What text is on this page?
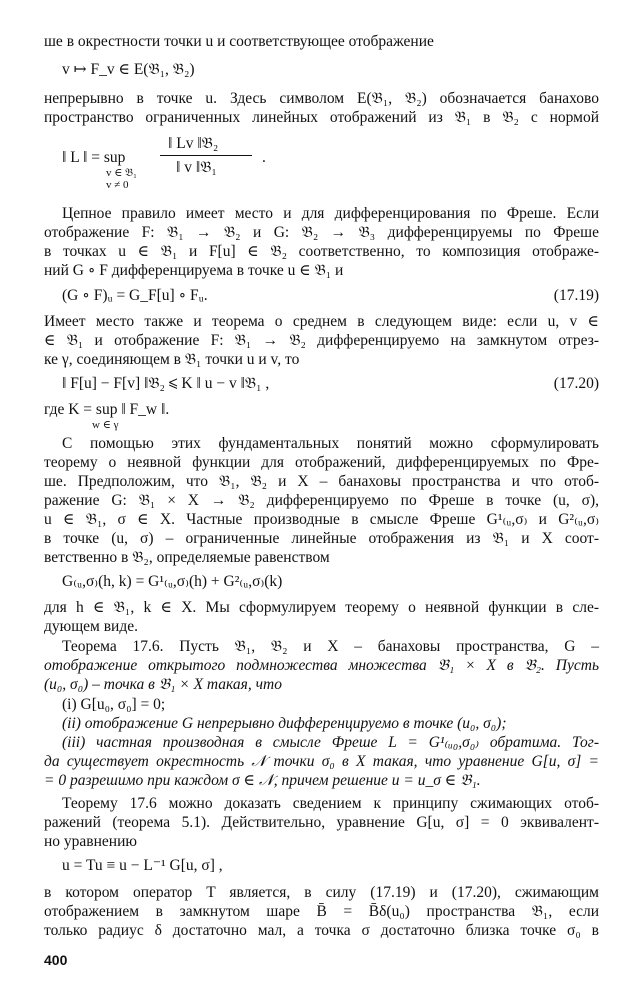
ше в окрестности точки u и соответствующее отображение
v ↦ F_v ∈ E(𝔅₁, 𝔅₂)
непрерывно в точке u. Здесь символом E(𝔅₁, 𝔅₂) обозначается банахово
пространство ограниченных линейных отображений из 𝔅₁ в 𝔅₂ с нормой
‖ L ‖ = sup
v ∈ 𝔅₁
v ≠ 0
‖ Lv ‖𝔅₂
‖ v ‖𝔅₁
.
Цепное правило имеет место и для дифференцирования по Фреше. Если
отображение F: 𝔅₁ → 𝔅₂ и G: 𝔅₂ → 𝔅₃ дифференцируемы по Фреше
в точках u ∈ 𝔅₁ и F[u] ∈ 𝔅₂ соответственно, то композиция отображе-
ний G ∘ F дифференцируема в точке u ∈ 𝔅₁ и
(G ∘ F)ᵤ = G_F[u] ∘ Fᵤ.	(17.19)
Имеет место также и теорема о среднем в следующем виде: если u, v ∈
∈ 𝔅₁ и отображение F: 𝔅₁ → 𝔅₂ дифференцируемо на замкнутом отрез-
ке γ, соединяющем в 𝔅₁ точки u и v, то
‖ F[u] − F[v] ‖𝔅₂ ⩽ K ‖ u − v ‖𝔅₁ ,	(17.20)
где K = sup ‖ F_w ‖.
w ∈ γ
С помощью этих фундаментальных понятий можно сформулировать
теорему о неявной функции для отображений, дифференцируемых по Фре-
ше. Предположим, что 𝔅₁, 𝔅₂ и X – банаховы пространства и что отоб-
ражение G: 𝔅₁ × X → 𝔅₂ дифференцируемо по Фреше в точке (u, σ),
u ∈ 𝔅₁, σ ∈ X. Частные производные в смысле Фреше G¹₍ᵤ,σ₎ и G²₍ᵤ,σ₎
в точке (u, σ) – ограниченные линейные отображения из 𝔅₁ и X соот-
ветственно в 𝔅₂, определяемые равенством
G₍ᵤ,σ₎(h, k) = G¹₍ᵤ,σ₎(h) + G²₍ᵤ,σ₎(k)
для h ∈ 𝔅₁, k ∈ X. Мы сформулируем теорему о неявной функции в сле-
дующем виде.
Теорема 17.6. Пусть 𝔅₁, 𝔅₂ и X – банаховы пространства, G –
отображение открытого подмножества множества 𝔅₁ × X в 𝔅₂. Пусть
(u₀, σ₀) – точка в 𝔅₁ × X такая, что
(i) G[u₀, σ₀] = 0;
(ii) отображение G непрерывно дифференцируемо в точке (u₀, σ₀);
(iii) частная производная в смысле Фреше L = G¹₍ᵤ₀,σ₀₎ обратима. Тог-
да существует окрестность 𝒩 точки σ₀ в X такая, что уравнение G[u, σ] =
= 0 разрешимо при каждом σ ∈ 𝒩, причем решение u = u_σ ∈ 𝔅₁.
Теорему 17.6 можно доказать сведением к принципу сжимающих отоб-
ражений (теорема 5.1). Действительно, уравнение G[u, σ] = 0 эквивалент-
но уравнению
u = Tu ≡ u − L⁻¹ G[u, σ] ,
в котором оператор T является, в силу (17.19) и (17.20), сжимающим
отображением в замкнутом шаре B̄ = B̄δ(u₀) пространства 𝔅₁, если
только радиус δ достаточно мал, а точка σ достаточно близка точке σ₀ в
400
